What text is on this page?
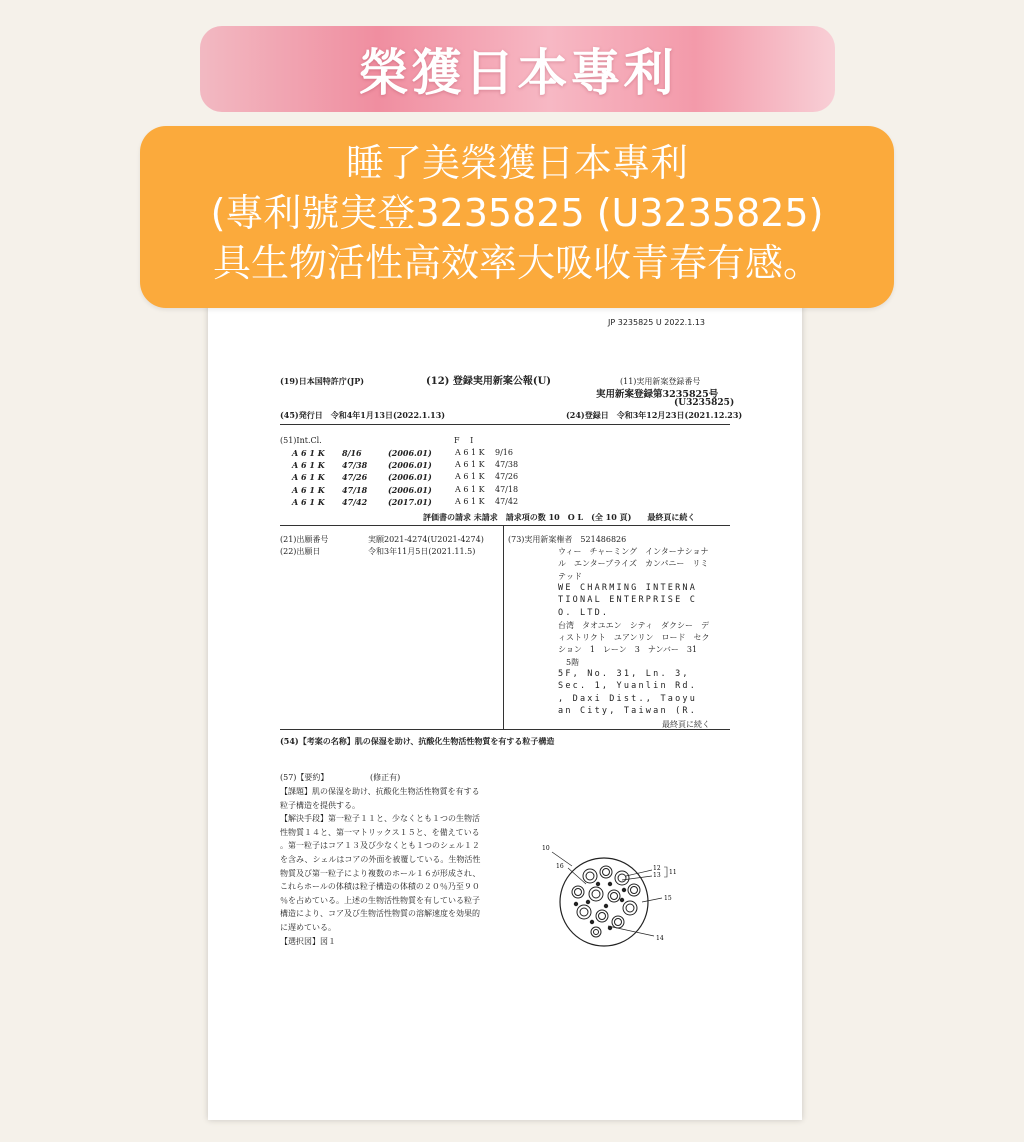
榮獲日本專利
睡了美榮獲日本專利
(專利號実登3235825 (U3235825)
具生物活性高效率大吸收青春有感。
JP 3235825 U 2022.1.13
(19)日本国特許庁(JP)	(12) 登録実用新案公報(U)	(11)実用新案登録番号
実用新案登録第3235825号
(U3235825)
(45)発行日　令和4年1月13日(2022.1.13)	(24)登録日　令和3年12月23日(2021.12.23)
(51)Int.Cl.	F I
A 6 1 K 8/16	(2006.01)	A 6 1 K 9/16
A 6 1 K 47/38	(2006.01)	A 6 1 K 47/38
A 6 1 K 47/26	(2006.01)	A 6 1 K 47/26
A 6 1 K 47/18	(2006.01)	A 6 1 K 47/18
A 6 1 K 47/42	(2017.01)	A 6 1 K 47/42
評価書の請求 未請求　請求項の数 10　O L　(全 10 頁)　　最終頁に続く
(21)出願番号	実願2021-4274(U2021-4274)
(22)出願日	令和3年11月5日(2021.11.5)
(73)実用新案権者　521486826
ウィー　チャーミング　インターナショナ
ル　エンタープライズ　カンパニー　リミ
テッド
WE CHARMING INTERNA
TIONAL ENTERPRISE C
O. LTD.
台湾　タオユエン　シティ　ダクシー　デ
ィストリクト　ユアンリン　ロード　セク
ション　1　レーン　3　ナンバー　31
　5階
5F, No. 31, Ln. 3,
Sec. 1, Yuanlin Rd.
, Daxi Dist., Taoyu
an City, Taiwan (R.
最終頁に続く
(54)【考案の名称】肌の保湿を助け、抗酸化生物活性物質を有する粒子構造
(57)【要約】	(修正有)
【課題】肌の保湿を助け、抗酸化生物活性物質を有する
粒子構造を提供する。
【解決手段】第一粒子１１と、少なくとも１つの生物活
性物質１４と、第一マトリックス１５と、を備えている
。第一粒子はコア１３及び少なくとも１つのシェル１２
を含み、シェルはコアの外面を被覆している。生物活性
物質及び第一粒子により複数のホール１６が形成され、
これらホールの体積は粒子構造の体積の２０％乃至９０
％を占めている。上述の生物活性物質を有している粒子
構造により、コア及び生物活性物質の溶解速度を効果的
に遅めている。
【選択図】図１
10
16	12
13 11
15
14
